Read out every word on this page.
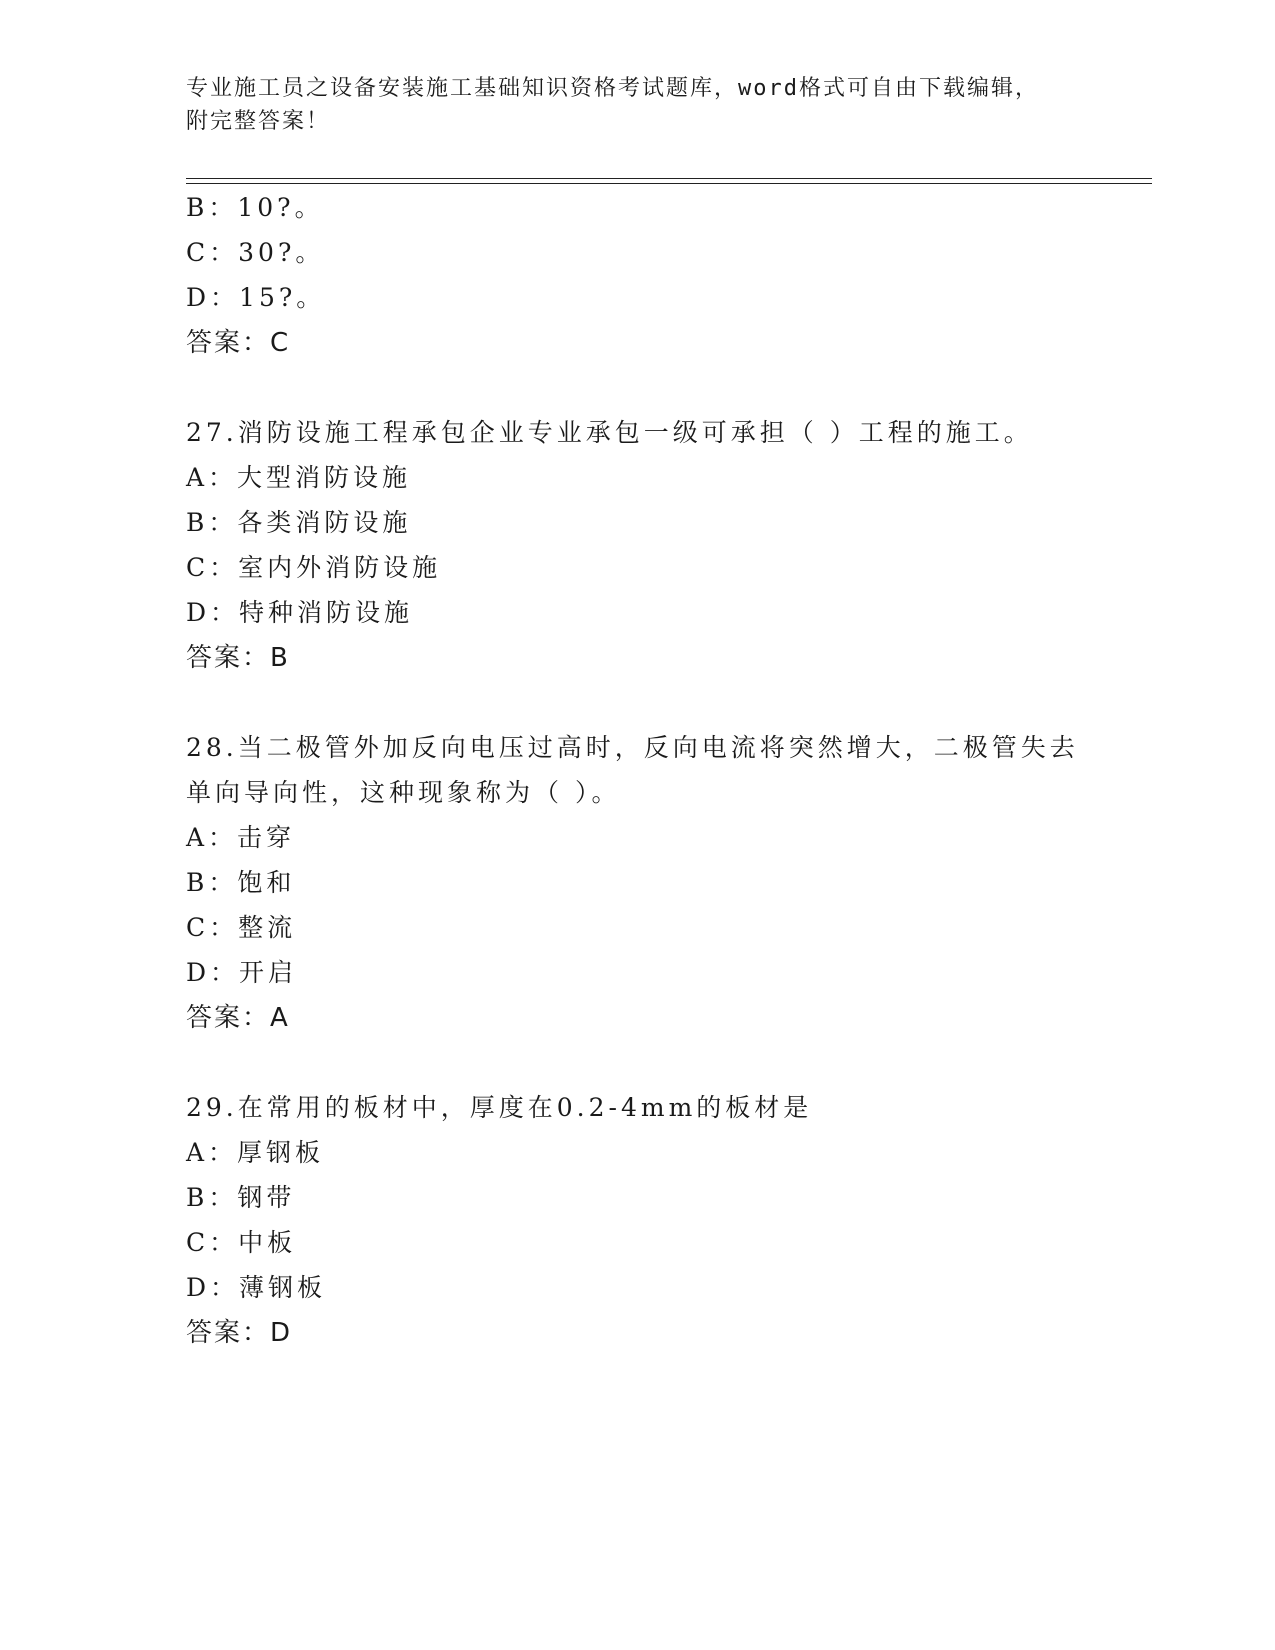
专业施工员之设备安装施工基础知识资格考试题库，word格式可自由下载编辑，
附完整答案！
B：10?。
C：30?。
D：15?。
答案：C
27.消防设施工程承包企业专业承包一级可承担（ ）工程的施工。
A：大型消防设施
B：各类消防设施
C：室内外消防设施
D：特种消防设施
答案：B
28.当二极管外加反向电压过高时，反向电流将突然增大，二极管失去
单向导向性，这种现象称为（ ）。
A：击穿
B：饱和
C：整流
D：开启
答案：A
29.在常用的板材中，厚度在0.2-4mm的板材是
A：厚钢板
B：钢带
C：中板
D：薄钢板
答案：D
